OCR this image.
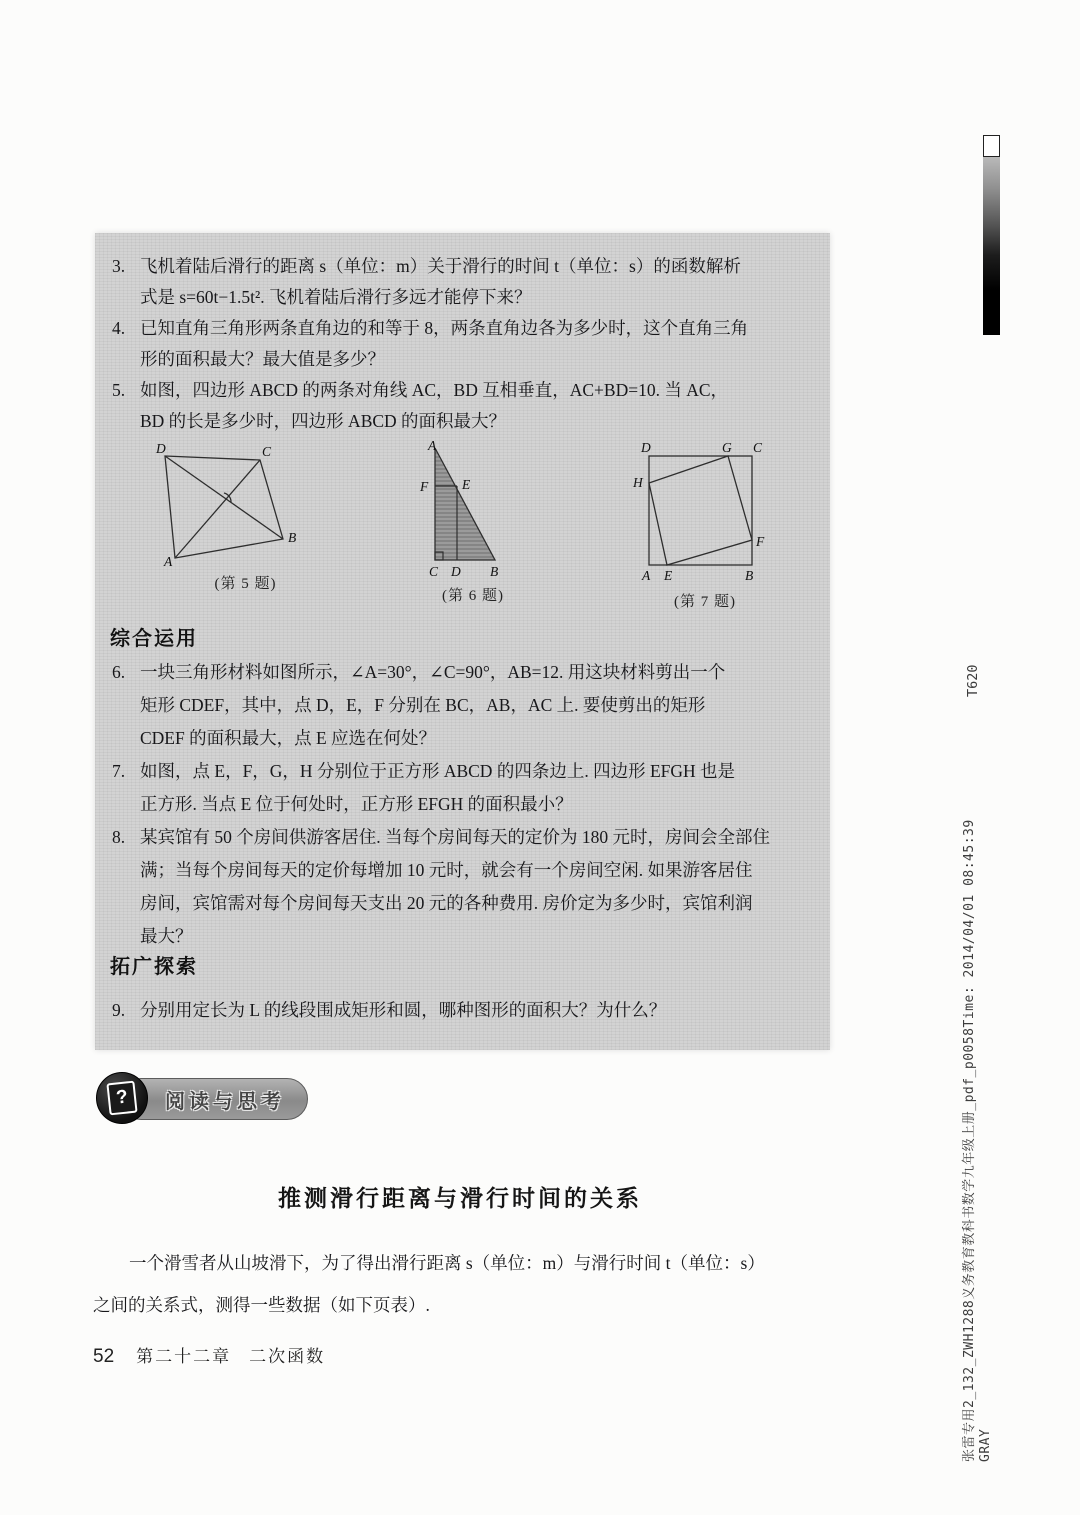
3. 飞机着陆后滑行的距离 s（单位：m）关于滑行的时间 t（单位：s）的函数解析
式是 s=60t−1.5t². 飞机着陆后滑行多远才能停下来？
4. 已知直角三角形两条直角边的和等于 8，两条直角边各为多少时，这个直角三角
形的面积最大？最大值是多少？
5. 如图，四边形 ABCD 的两条对角线 AC，BD 互相垂直，AC+BD=10. 当 AC，
BD 的长是多少时，四边形 ABCD 的面积最大？
D	C
B
A
(第 5 题)
A
F	E
C D B
(第 6 题)
D	G C
H
F
A E	B
(第 7 题)
综合运用
6. 一块三角形材料如图所示，∠A=30°，∠C=90°，AB=12. 用这块材料剪出一个
矩形 CDEF，其中，点 D，E，F 分别在 BC，AB，AC 上. 要使剪出的矩形
CDEF 的面积最大，点 E 应选在何处？
7. 如图，点 E，F，G，H 分别位于正方形 ABCD 的四条边上. 四边形 EFGH 也是
正方形. 当点 E 位于何处时，正方形 EFGH 的面积最小？
8. 某宾馆有 50 个房间供游客居住. 当每个房间每天的定价为 180 元时，房间会全部住
满；当每个房间每天的定价每增加 10 元时，就会有一个房间空闲. 如果游客居住
房间，宾馆需对每个房间每天支出 20 元的各种费用. 房价定为多少时，宾馆利润
最大？
拓广探索
9. 分别用定长为 L 的线段围成矩形和圆，哪种图形的面积大？为什么？
阅读与思考
?
推测滑行距离与滑行时间的关系
一个滑雪者从山坡滑下，为了得出滑行距离 s（单位：m）与滑行时间 t（单位：s）
之间的关系式，测得一些数据（如下页表）.
52 第二十二章 二次函数	张雷专用2_132_ZWH1288义务教育教科书数学九年级上册_pdf_p0058Time: 2014/04/01 08:45:39 GRAY
T620
